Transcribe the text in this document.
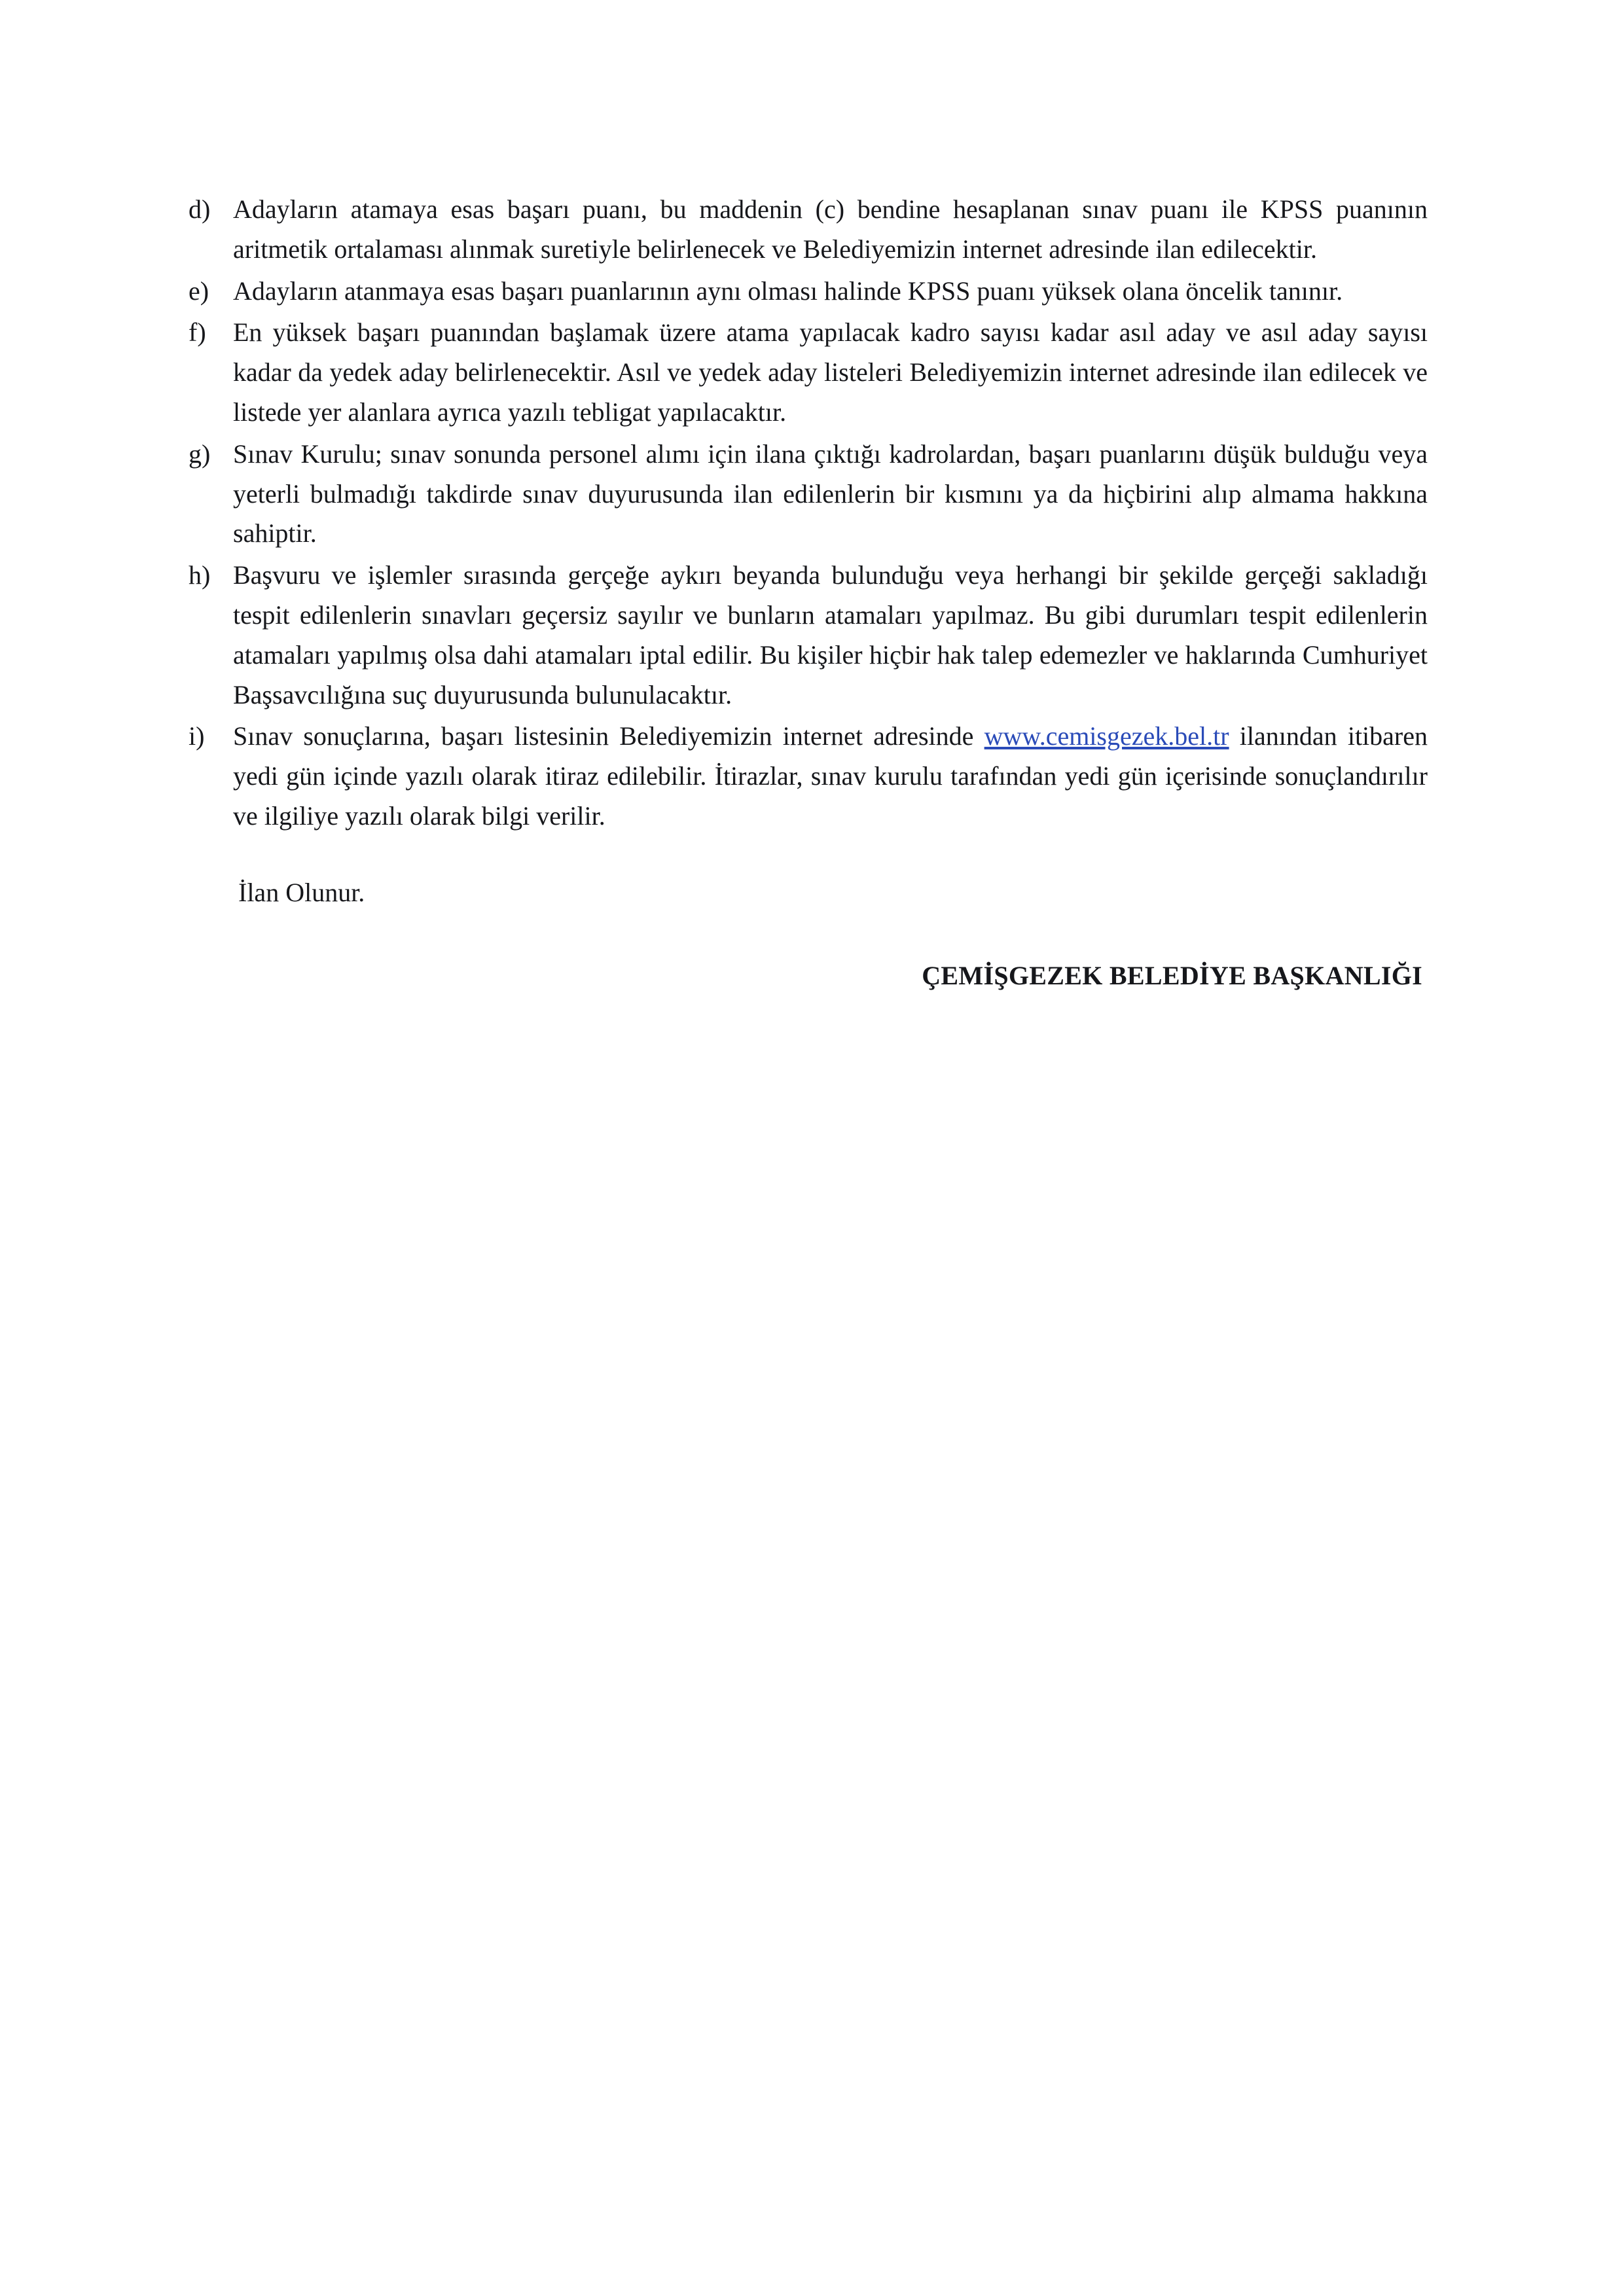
d) Adayların atamaya esas başarı puanı, bu maddenin (c) bendine hesaplanan sınav puanı ile KPSS puanının aritmetik ortalaması alınmak suretiyle belirlenecek ve Belediyemizin internet adresinde ilan edilecektir.
e) Adayların atanmaya esas başarı puanlarının aynı olması halinde KPSS puanı yüksek olana öncelik tanınır.
f)	En yüksek başarı puanından başlamak üzere atama yapılacak kadro sayısı kadar asıl aday ve asıl aday sayısı kadar da yedek aday belirlenecektir. Asıl ve yedek aday listeleri Belediyemizin internet adresinde ilan edilecek ve listede yer alanlara ayrıca yazılı tebligat yapılacaktır.
g) Sınav Kurulu; sınav sonunda personel alımı için ilana çıktığı kadrolardan, başarı puanlarını düşük bulduğu veya yeterli bulmadığı takdirde sınav duyurusunda ilan edilenlerin bir kısmını ya da hiçbirini alıp almama hakkına sahiptir.
h) Başvuru ve işlemler sırasında gerçeğe aykırı beyanda bulunduğu veya herhangi bir şekilde gerçeği sakladığı tespit edilenlerin sınavları geçersiz sayılır ve bunların atamaları yapılmaz. Bu gibi durumları tespit edilenlerin atamaları yapılmış olsa dahi atamaları iptal edilir. Bu kişiler hiçbir hak talep edemezler ve haklarında Cumhuriyet Başsavcılığına suç duyurusunda bulunulacaktır.
i)	Sınav sonuçlarına, başarı listesinin Belediyemizin internet adresinde www.cemisgezek.bel.tr ilanından itibaren yedi gün içinde yazılı olarak itiraz edilebilir. İtirazlar, sınav kurulu tarafından yedi gün içerisinde sonuçlandırılır ve ilgiliye yazılı olarak bilgi verilir.
İlan Olunur.
ÇEMİŞGEZEK BELEDİYE BAŞKANLIĞI
